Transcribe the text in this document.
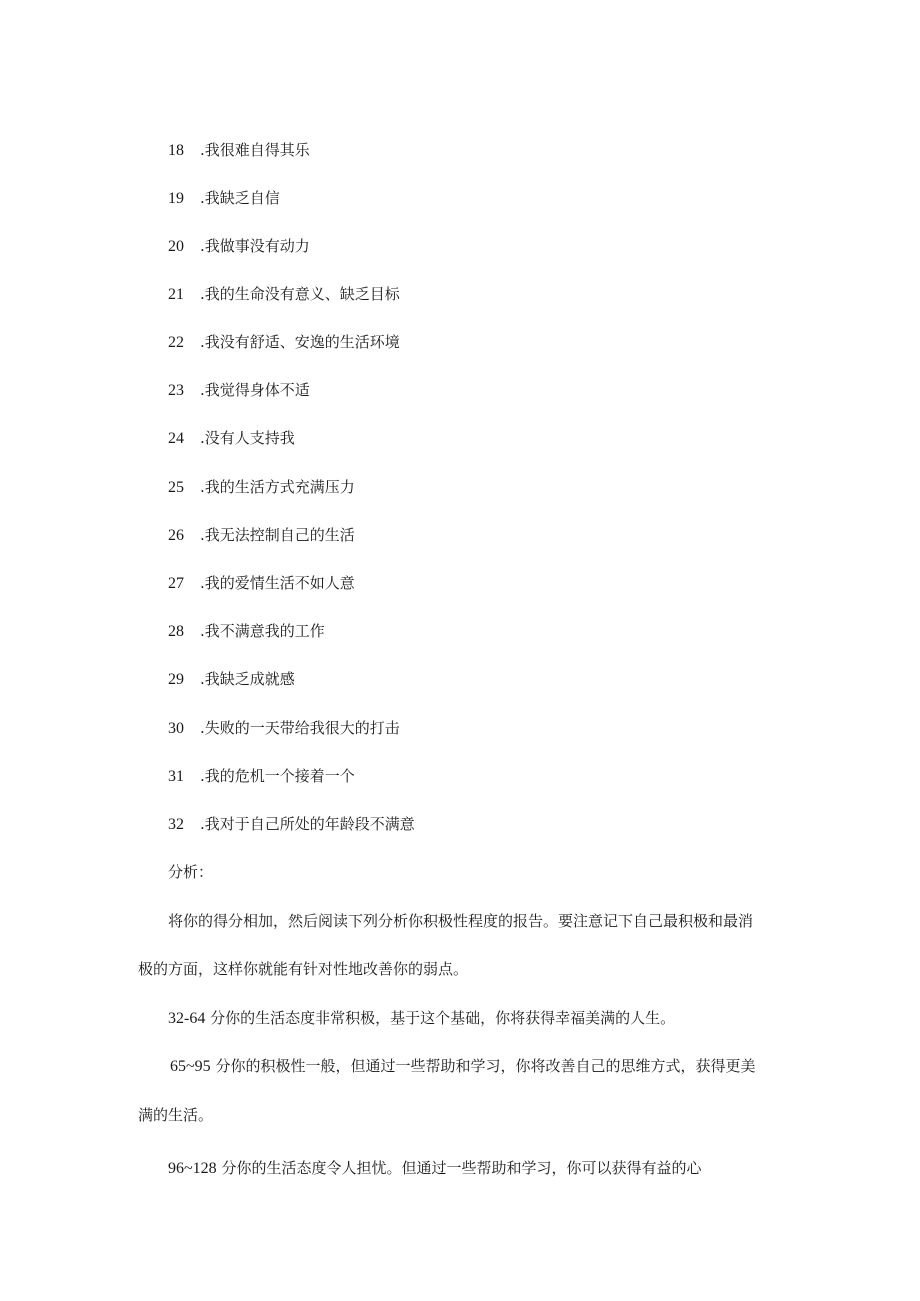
18 .我很难自得其乐
19 .我缺乏自信
20 .我做事没有动力
21 .我的生命没有意义、缺乏目标
22 .我没有舒适、安逸的生活环境
23 .我觉得身体不适
24 .没有人支持我
25 .我的生活方式充满压力
26 .我无法控制自己的生活
27 .我的爱情生活不如人意
28 .我不满意我的工作
29 .我缺乏成就感
30 .失败的一天带给我很大的打击
31 .我的危机一个接着一个
32 .我对于自己所处的年龄段不满意
分析：
将你的得分相加，然后阅读下列分析你积极性程度的报告。要注意记下自己最积极和最消
极的方面，这样你就能有针对性地改善你的弱点。
32-64 分你的生活态度非常积极，基于这个基础，你将获得幸福美满的人生。
65~95 分你的积极性一般，但通过一些帮助和学习，你将改善自己的思维方式，获得更美
满的生活。
96~128 分你的生活态度令人担忧。但通过一些帮助和学习，你可以获得有益的心
